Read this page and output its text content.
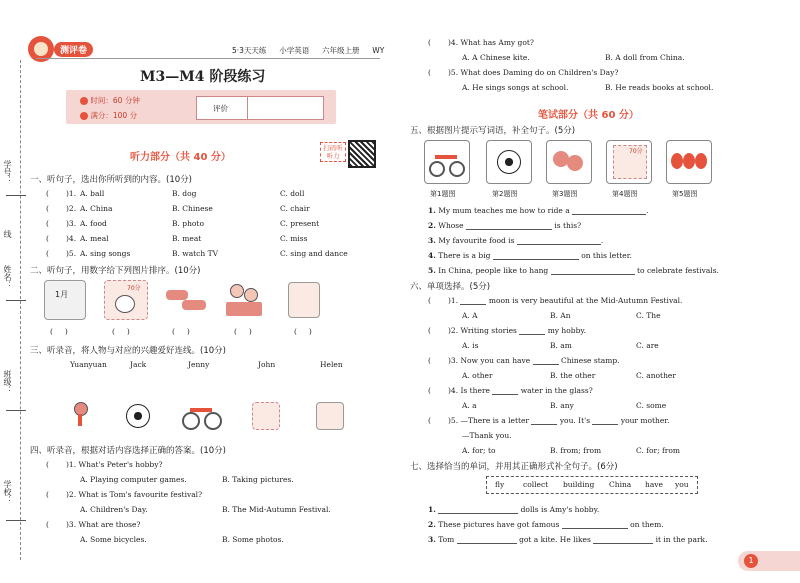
学号：
线
姓名：
班级：
学校：
测评卷	5·3天天练 小学英语 六年级上册 WY
M3—M4 阶段练习
时间：60 分钟
满分：100 分
评价
听力部分（共 40 分）
扫码听听力
一、听句子，选出你所听到的内容。(10分)
( )1. A. ball	B. dog	C. doll
( )2. A. China	B. Chinese	C. chair
( )3. A. food	B. photo	C. present
( )4. A. meal	B. meat	C. miss
( )5. A. sing songs	B. watch TV	C. sing and dance
二、听句子，用数字给下列图片排序。(10分)
1月
70分
(     )	(     )	(     )	(     )	(     )
三、听录音，将人物与对应的兴趣爱好连线。(10分)
Yuanyuan	Jack	Jenny	John	Helen
四、听录音，根据对话内容选择正确的答案。(10分)
( )1. What's Peter's hobby?
A. Playing computer games.	B. Taking pictures.
( )2. What is Tom's favourite festival?
A. Children's Day.	B. The Mid-Autumn Festival.
( )3. What are those?
A. Some bicycles.	B. Some photos.
( )4. What has Amy got?
A. A Chinese kite.	B. A doll from China.
( )5. What does Daming do on Children's Day?
A. He sings songs at school.	B. He reads books at school.
笔试部分（共 60 分）
五、根据图片提示写词语，补全句子。(5分)
70分
第1题图	第2题图	第3题图	第4题图	第5题图
1. My mum teaches me how to ride a	.
2. Whose	is this?
3. My favourite food is	.
4. There is a big	on this letter.
5. In China, people like to hang	to celebrate festivals.
六、单项选择。(5分)
( )1.	moon is very beautiful at the Mid-Autumn Festival.
A. A	B. An	C. The
( )2. Writing stories	my hobby.
A. is	B. am	C. are
( )3. Now you can have	Chinese stamp.
A. other	B. the other	C. another
( )4. Is there	water in the glass?
A. a	B. any	C. some
( )5. —There is a letter	you. It's	your mother.
—Thank you.
A. for; to	B. from; from	C. for; from
七、选择恰当的单词，并用其正确形式补全句子。(6分)
fly	collect building China have you
1.	dolls is Amy's hobby.
2. These pictures have got famous	on them.
3. Tom	got a kite. He likes	it in the park.
1
